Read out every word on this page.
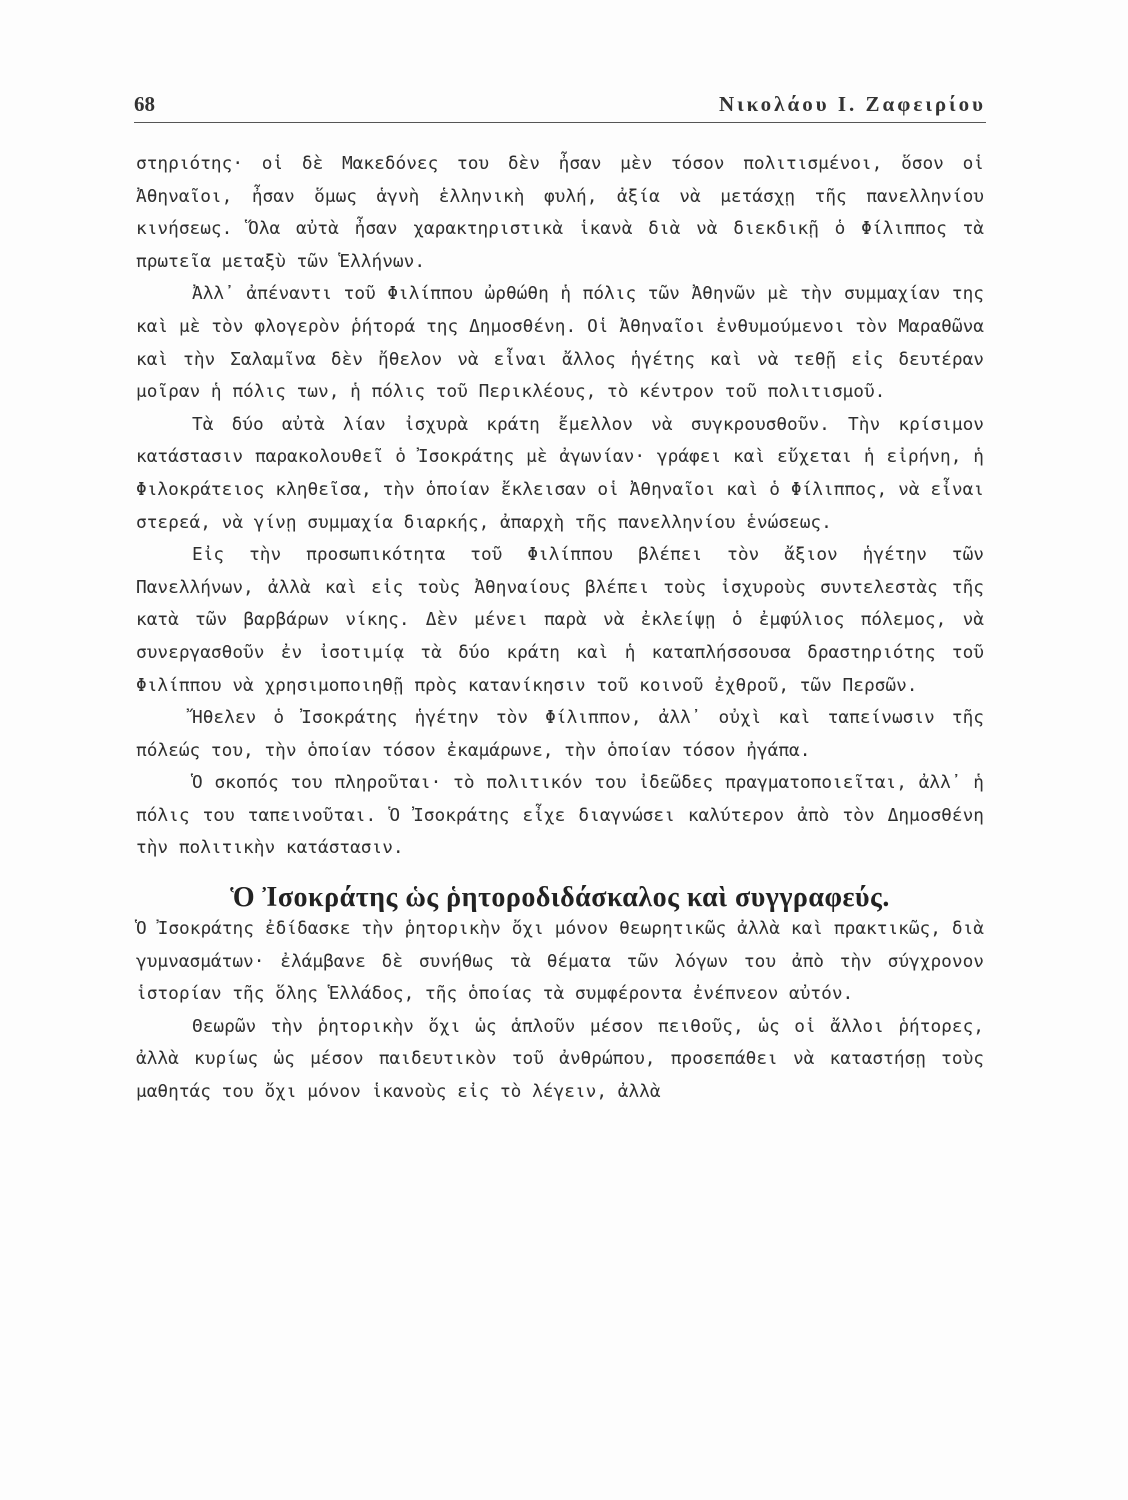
68	Νικολάου Ι. Ζαφειρίου

στηριότης· οἱ δὲ Μακεδόνες του δὲν ἦσαν μὲν τόσον πολιτισμένοι, ὅσον οἱ Ἀθηναῖοι, ἦσαν ὅμως ἁγνὴ ἑλληνικὴ φυλή, ἀξία νὰ μετάσχῃ τῆς πανελληνίου κινήσεως. Ὅλα αὐτὰ ἦσαν χαρακτηριστικὰ ἱκανὰ διὰ νὰ διεκδικῇ ὁ Φίλιππος τὰ πρωτεῖα μεταξὺ τῶν Ἑλλήνων.

Ἀλλ᾿ ἀπέναντι τοῦ Φιλίππου ὠρθώθη ἡ πόλις τῶν Ἀθηνῶν μὲ τὴν συμμαχίαν της καὶ μὲ τὸν φλογερὸν ῥήτορά της Δημοσθένη. Οἱ Ἀθηναῖοι ἐνθυμούμενοι τὸν Μαραθῶνα καὶ τὴν Σαλαμῖνα δὲν ἤθελον νὰ εἶναι ἄλλος ἡγέτης καὶ νὰ τεθῇ εἰς δευτέραν μοῖραν ἡ πόλις των, ἡ πόλις τοῦ Περικλέους, τὸ κέντρον τοῦ πολιτισμοῦ.

Τὰ δύο αὐτὰ λίαν ἰσχυρὰ κράτη ἔμελλον νὰ συγκρουσθοῦν. Τὴν κρίσιμον κατάστασιν παρακολουθεῖ ὁ Ἰσοκράτης μὲ ἀγωνίαν· γράφει καὶ εὔχεται ἡ εἰρήνη, ἡ Φιλοκράτειος κληθεῖσα, τὴν ὁποίαν ἔκλεισαν οἱ Ἀθηναῖοι καὶ ὁ Φίλιππος, νὰ εἶναι στερεά, νὰ γίνῃ συμμαχία διαρκής, ἀπαρχὴ τῆς πανελληνίου ἑνώσεως.

Εἰς τὴν προσωπικότητα τοῦ Φιλίππου βλέπει τὸν ἄξιον ἡγέτην τῶν Πανελλήνων, ἀλλὰ καὶ εἰς τοὺς Ἀθηναίους βλέπει τοὺς ἰσχυροὺς συντελεστὰς τῆς κατὰ τῶν βαρβάρων νίκης. Δὲν μένει παρὰ νὰ ἐκλείψῃ ὁ ἐμφύλιος πόλεμος, νὰ συνεργασθοῦν ἐν ἰσοτιμίᾳ τὰ δύο κράτη καὶ ἡ καταπλήσσουσα δραστηριότης τοῦ Φιλίππου νὰ χρησιμοποιηθῇ πρὸς κατανίκησιν τοῦ κοινοῦ ἐχθροῦ, τῶν Περσῶν.

Ἤθελεν ὁ Ἰσοκράτης ἡγέτην τὸν Φίλιππον, ἀλλ᾿ οὐχὶ καὶ ταπείνωσιν τῆς πόλεώς του, τὴν ὁποίαν τόσον ἐκαμάρωνε, τὴν ὁποίαν τόσον ἠγάπα.

Ὁ σκοπός του πληροῦται· τὸ πολιτικόν του ἰδεῶδες πραγματοποιεῖται, ἀλλ᾿ ἡ πόλις του ταπεινοῦται. Ὁ Ἰσοκράτης εἶχε διαγνώσει καλύτερον ἀπὸ τὸν Δημοσθένη τὴν πολιτικὴν κατάστασιν.

Ὁ Ἰσοκράτης ὡς ῥητοροδιδάσκαλος καὶ συγγραφεύς.

Ὁ Ἰσοκράτης ἐδίδασκε τὴν ῥητορικὴν ὄχι μόνον θεωρητικῶς ἀλλὰ καὶ πρακτικῶς, διὰ γυμνασμάτων· ἐλάμβανε δὲ συνήθως τὰ θέματα τῶν λόγων του ἀπὸ τὴν σύγχρονον ἱστορίαν τῆς ὅλης Ἑλλάδος, τῆς ὁποίας τὰ συμφέροντα ἐνέπνεον αὐτόν.

Θεωρῶν τὴν ῥητορικὴν ὄχι ὡς ἁπλοῦν μέσον πειθοῦς, ὡς οἱ ἄλλοι ῥήτορες, ἀλλὰ κυρίως ὡς μέσον παιδευτικὸν τοῦ ἀνθρώπου, προσεπάθει νὰ καταστήσῃ τοὺς μαθητάς του ὄχι μόνον ἱκανοὺς εἰς τὸ λέγειν, ἀλλὰ
